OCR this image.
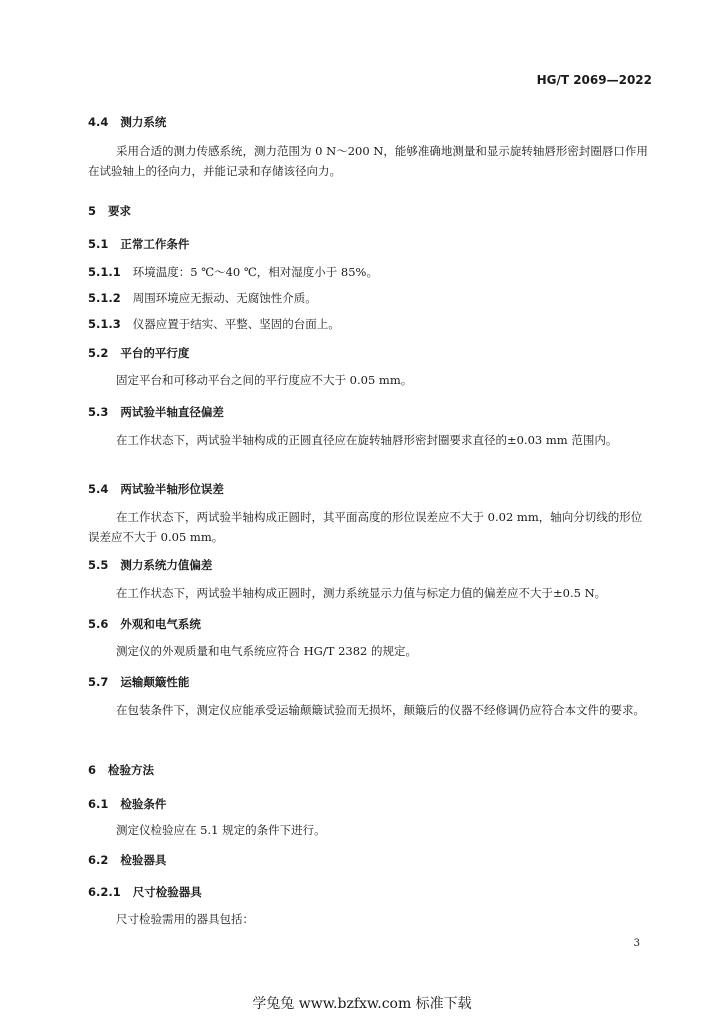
HG/T 2069—2022
4.4 测力系统
采用合适的测力传感系统，测力范围为 0 N～200 N，能够准确地测量和显示旋转轴唇形密封圈唇口作用在试验轴上的径向力，并能记录和存储该径向力。
5 要求
5.1 正常工作条件
5.1.1 环境温度：5 ℃～40 ℃，相对湿度小于 85%。
5.1.2 周围环境应无振动、无腐蚀性介质。
5.1.3 仪器应置于结实、平整、坚固的台面上。
5.2 平台的平行度
固定平台和可移动平台之间的平行度应不大于 0.05 mm。
5.3 两试验半轴直径偏差
在工作状态下，两试验半轴构成的正圆直径应在旋转轴唇形密封圈要求直径的±0.03 mm 范围内。
5.4 两试验半轴形位误差
在工作状态下，两试验半轴构成正圆时，其平面高度的形位误差应不大于 0.02 mm，轴向分切线的形位误差应不大于 0.05 mm。
5.5 测力系统力值偏差
在工作状态下，两试验半轴构成正圆时，测力系统显示力值与标定力值的偏差应不大于±0.5 N。
5.6 外观和电气系统
测定仪的外观质量和电气系统应符合 HG/T 2382 的规定。
5.7 运输颠簸性能
在包装条件下，测定仪应能承受运输颠簸试验而无损坏，颠簸后的仪器不经修调仍应符合本文件的要求。
6 检验方法
6.1 检验条件
测定仪检验应在 5.1 规定的条件下进行。
6.2 检验器具
6.2.1 尺寸检验器具
尺寸检验需用的器具包括：
3
学兔兔 www.bzfxw.com 标准下载
